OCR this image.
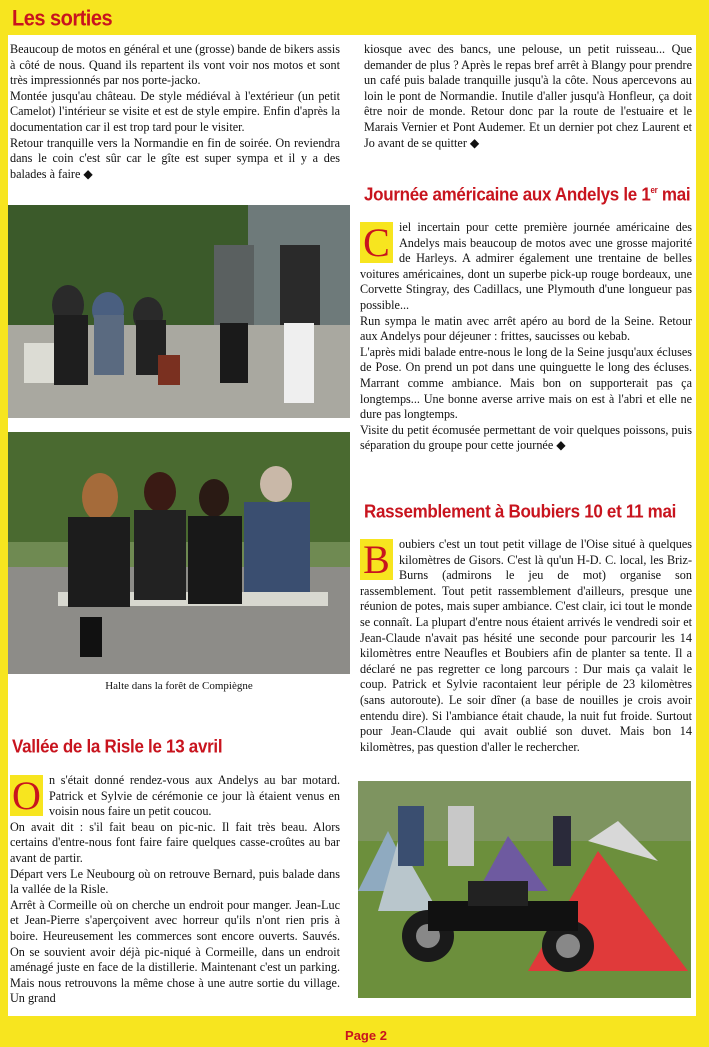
Les sorties

Beaucoup de motos en général et une (grosse) bande de bikers assis à côté de nous. Quand ils repartent ils vont voir nos motos et sont très impressionnés par nos porte-jacko.

Montée jusqu'au château. De style médiéval à l'extérieur (un petit Camelot) l'intérieur se visite et est de style empire. Enfin d'après la documentation car il est trop tard pour le visiter.

Retour tranquille vers la Normandie en fin de soirée. On reviendra dans le coin c'est sûr car le gîte est super sympa et il y a des balades à faire ◆

Halte dans la forêt de Compiègne
Vallée de la Risle le 13 avril
O n s'était donné rendez-vous aux Andelys au bar motard. Patrick et Sylvie de cérémonie ce jour là étaient venus en voisin nous faire un petit coucou.

On avait dit : s'il fait beau on pic-nic. Il fait très beau. Alors certains d'entre-nous font faire faire quelques casse-croûtes au bar avant de partir.

Départ vers Le Neubourg où on retrouve Bernard, puis balade dans la vallée de la Risle.

Arrêt à Cormeille où on cherche un endroit pour manger. Jean-Luc et Jean-Pierre s'aperçoivent avec horreur qu'ils n'ont rien pris à boire. Heureusement les commerces sont encore ouverts. Sauvés. On se souvient avoir déjà pic-niqué à Cormeille, dans un endroit aménagé juste en face de la distillerie. Maintenant c'est un parking. Mais nous retrouvons la même chose à une autre sortie du village. Un grand

kiosque avec des bancs, une pelouse, un petit ruisseau... Que demander de plus ? Après le repas bref arrêt à Blangy pour prendre un café puis balade tranquille jusqu'à la côte. Nous apercevons au loin le pont de Normandie. Inutile d'aller jusqu'à Honfleur, ça doit être noir de monde. Retour donc par la route de l'estuaire et le Marais Vernier et Pont Audemer. Et un dernier pot chez Laurent et Jo avant de se quitter ◆

Journée américaine aux Andelys le 1er mai
C iel incertain pour cette première journée américaine des Andelys mais beaucoup de motos avec une grosse majorité de Harleys. A admirer également une trentaine de belles voitures américaines, dont un superbe pick-up rouge bordeaux, une Corvette Stingray, des Cadillacs, une Plymouth d'une longueur pas possible...

Run sympa le matin avec arrêt apéro au bord de la Seine. Retour aux Andelys pour déjeuner : frittes, saucisses ou kebab.

L'après midi balade entre-nous le long de la Seine jusqu'aux écluses de Pose. On prend un pot dans une quinguette le long des écluses. Marrant comme ambiance. Mais bon on supporterait pas ça longtemps... Une bonne averse arrive mais on est à l'abri et elle ne dure pas longtemps.

Visite du petit écomusée permettant de voir quelques poissons, puis séparation du groupe pour cette journée ◆

Rassemblement à Boubiers 10 et 11 mai
B oubiers c'est un tout petit village de l'Oise situé à quelques kilomètres de Gisors. C'est là qu'un H-D. C. local, les Briz-Burns (admirons le jeu de mot) organise son rassemblement. Tout petit rassemblement d'ailleurs, presque une réunion de potes, mais super ambiance. C'est clair, ici tout le monde se connaît. La plupart d'entre nous étaient arrivés le vendredi soir et Jean-Claude n'avait pas hésité une seconde pour parcourir les 14 kilomètres entre Neaufles et Boubiers afin de planter sa tente. Il a déclaré ne pas regretter ce long parcours : Dur mais ça valait le coup. Patrick et Sylvie racontaient leur périple de 23 kilomètres (sans autoroute). Le soir dîner (a base de nouilles je crois avoir entendu dire). Si l'ambiance était chaude, la nuit fut froide. Surtout pour Jean-Claude qui avait oublié son duvet. Mais bon 14 kilomètres, pas question d'aller le rechercher.

Page 2
